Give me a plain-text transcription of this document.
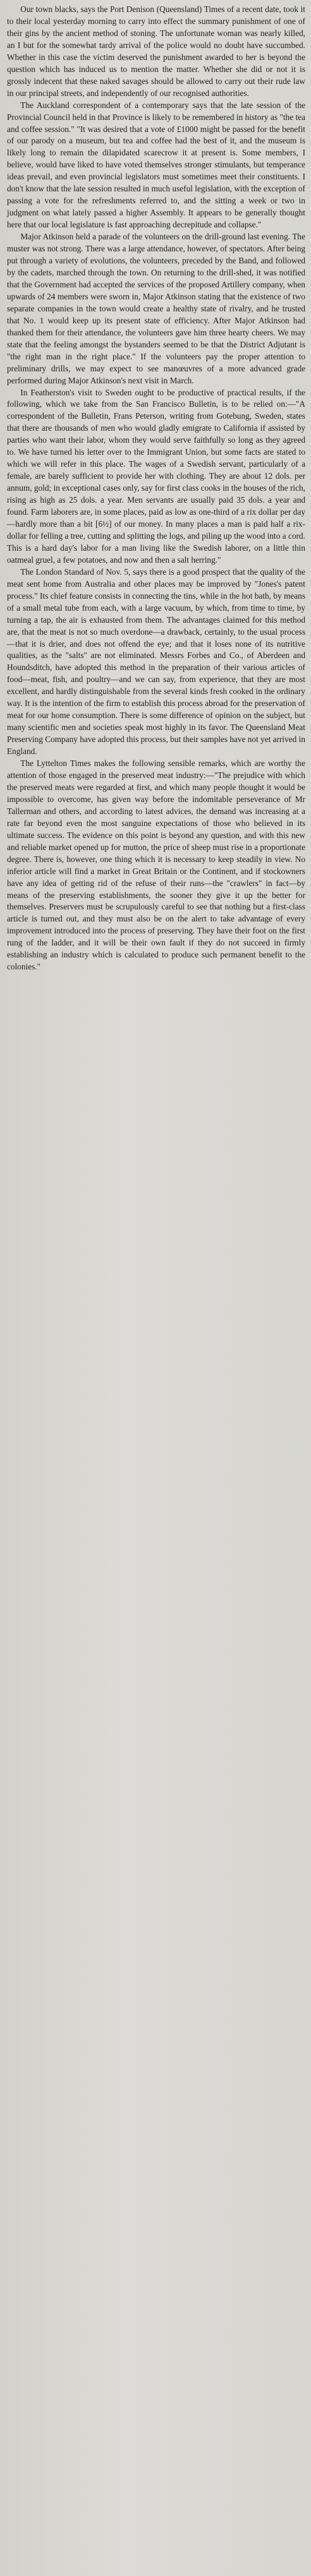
Our town blacks, says the Port Denison (Queensland) Times of a recent date, took it to their local yesterday morning to carry into effect the summary punishment of one of their gins by the ancient method of stoning. The unfortunate woman was nearly killed, an I but for the somewhat tardy arrival of the police would no doubt have succumbed. Whether in this case the victim deserved the punishment awarded to her is beyond the question which has induced us to mention the matter. Whether she did or not it is grossly indecent that these naked savages should be allowed to carry out their rude law in our principal streets, and independently of our recognised authorities.

The Auckland correspondent of a contemporary says that the late session of the Provincial Council held in that Province is likely to be remembered in history as "the tea and coffee session." "It was desired that a vote of £1000 might be passed for the benefit of our parody on a museum, but tea and coffee had the best of it, and the museum is likely long to remain the dilapidated scarecrow it at present is. Some members, I believe, would have liked to have voted themselves stronger stimulants, but temperance ideas prevail, and even provincial legislators must sometimes meet their constituents. I don't know that the late session resulted in much useful legislation, with the exception of passing a vote for the refreshments referred to, and the sitting a week or two in judgment on what lately passed a higher Assembly. It appears to be generally thought here that our local legislature is fast approaching decrepitude and collapse."

Major Atkinson held a parade of the volunteers on the drill-ground last evening. The muster was not strong. There was a large attendance, however, of spectators. After being put through a variety of evolutions, the volunteers, preceded by the Band, and followed by the cadets, marched through the town. On returning to the drill-shed, it was notified that the Government had accepted the services of the proposed Artillery company, when upwards of 24 members were sworn in, Major Atkinson stating that the existence of two separate companies in the town would create a healthy state of rivalry, and he trusted that No. 1 would keep up its present state of efficiency. After Major Atkinson had thanked them for their attendance, the volunteers gave him three hearty cheers. We may state that the feeling amongst the bystanders seemed to be that the District Adjutant is "the right man in the right place." If the volunteers pay the proper attention to preliminary drills, we may expect to see manœuvres of a more advanced grade performed during Major Atkinson's next visit in March.

In Featherston's visit to Sweden ought to be productive of practical results, if the following, which we take from the San Francisco Bulletin, is to be relied on:—"A correspondent of the Bulletin, Frans Peterson, writing from Gotebung, Sweden, states that there are thousands of men who would gladly emigrate to California if assisted by parties who want their labor, whom they would serve faithfully so long as they agreed to. We have turned his letter over to the Immigrant Union, but some facts are stated to which we will refer in this place. The wages of a Swedish servant, particularly of a female, are barely sufficient to provide her with clothing. They are about 12 dols. per annum, gold; in exceptional cases only, say for first class cooks in the houses of the rich, rising as high as 25 dols. a year. Men servants are usually paid 35 dols. a year and found. Farm laborers are, in some places, paid as low as one-third of a rix dollar per day—hardly more than a bit [6½] of our money. In many places a man is paid half a rix-dollar for felling a tree, cutting and splitting the logs, and piling up the wood into a cord. This is a hard day's labor for a man living like the Swedish laborer, on a little thin oatmeal gruel, a few potatoes, and now and then a salt herring."

The London Standard of Nov. 5, says there is a good prospect that the quality of the meat sent home from Australia and other places may be improved by "Jones's patent process." Its chief feature consists in connecting the tins, while in the hot bath, by means of a small metal tube from each, with a large vacuum, by which, from time to time, by turning a tap, the air is exhausted from them. The advantages claimed for this method are, that the meat is not so much overdone—a drawback, certainly, to the usual process—that it is drier, and does not offend the eye; and that it loses none of its nutritive qualities, as the "salts" are not eliminated. Messrs Forbes and Co., of Aberdeen and Houndsditch, have adopted this method in the preparation of their various articles of food—meat, fish, and poultry—and we can say, from experience, that they are most excellent, and hardly distinguishable from the several kinds fresh cooked in the ordinary way. It is the intention of the firm to establish this process abroad for the preservation of meat for our home consumption. There is some difference of opinion on the subject, but many scientific men and societies speak most highly in its favor. The Queensland Meat Preserving Company have adopted this process, but their samples have not yet arrived in England.

The Lyttelton Times makes the following sensible remarks, which are worthy the attention of those engaged in the preserved meat industry:—"The prejudice with which the preserved meats were regarded at first, and which many people thought it would be impossible to overcome, has given way before the indomitable perseverance of Mr Tallerman and others, and according to latest advices, the demand was increasing at a rate far beyond even the most sanguine expectations of those who believed in its ultimate success. The evidence on this point is beyond any question, and with this new and reliable market opened up for mutton, the price of sheep must rise in a proportionate degree. There is, however, one thing which it is necessary to keep steadily in view. No inferior article will find a market in Great Britain or the Continent, and if stockowners have any idea of getting rid of the refuse of their runs—the "crawlers" in fact—by means of the preserving establishments, the sooner they give it up the better for themselves. Preservers must be scrupulously careful to see that nothing but a first-class article is turned out, and they must also be on the alert to take advantage of every improvement introduced into the process of preserving. They have their foot on the first rung of the ladder, and it will be their own fault if they do not succeed in firmly establishing an industry which is calculated to produce such permanent benefit to the colonies."
